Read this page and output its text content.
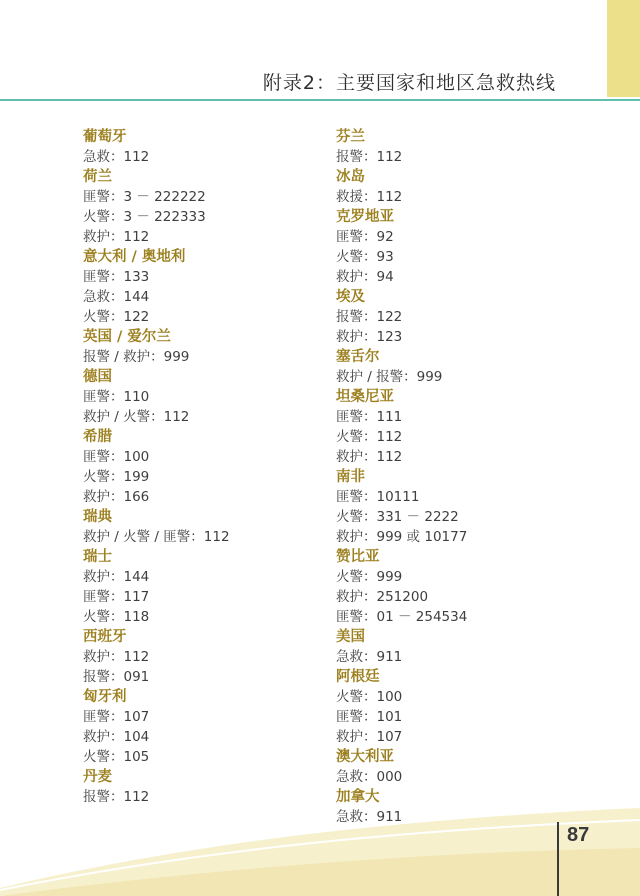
附录2：主要国家和地区急救热线
葡萄牙
急救：112
荷兰
匪警：3 － 222222
火警：3 － 222333
救护：112
意大利 / 奥地利
匪警：133
急救：144
火警：122
英国 / 爱尔兰
报警 / 救护：999
德国
匪警：110
救护 / 火警：112
希腊
匪警：100
火警：199
救护：166
瑞典
救护 / 火警 / 匪警：112
瑞士
救护：144
匪警：117
火警：118
西班牙
救护：112
报警：091
匈牙利
匪警：107
救护：104
火警：105
丹麦
报警：112
芬兰
报警：112
冰岛
救援：112
克罗地亚
匪警：92
火警：93
救护：94
埃及
报警：122
救护：123
塞舌尔
救护 / 报警：999
坦桑尼亚
匪警：111
火警：112
救护：112
南非
匪警：10111
火警：331 － 2222
救护：999 或 10177
赞比亚
火警：999
救护：251200
匪警：01 － 254534
美国
急救：911
阿根廷
火警：100
匪警：101
救护：107
澳大利亚
急救：000
加拿大
急救：911
87
